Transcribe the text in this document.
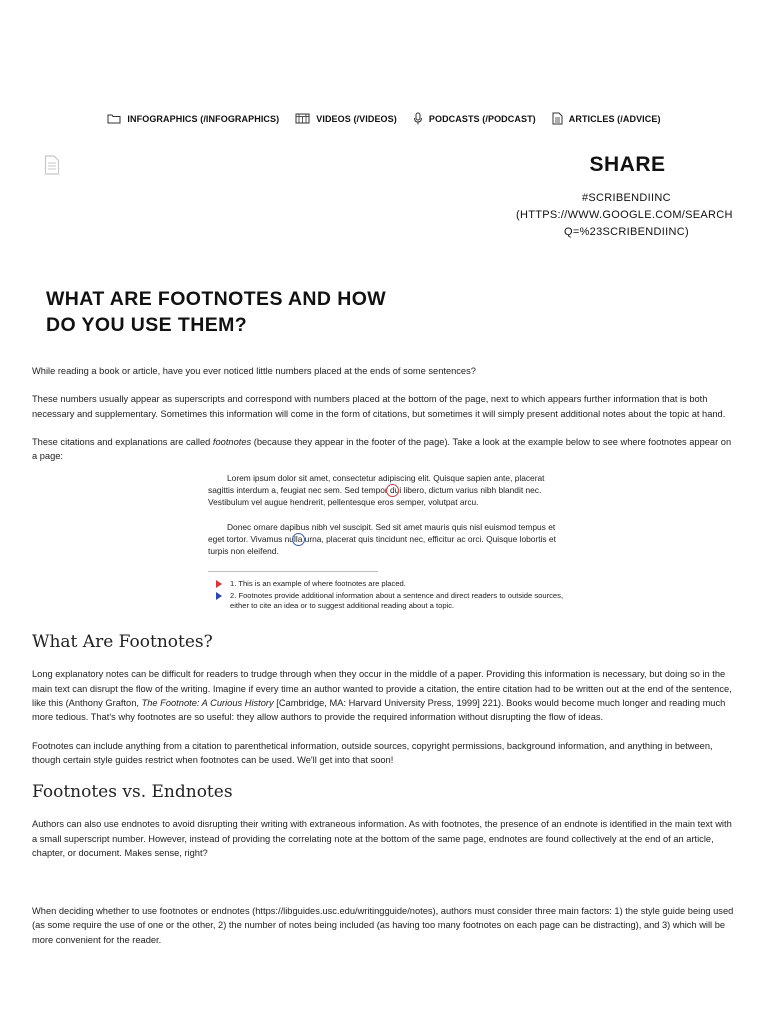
INFOGRAPHICS (/INFOGRAPHICS)	VIDEOS (/VIDEOS)	PODCASTS (/PODCAST)	ARTICLES (/ADVICE)
SHARE
#SCRIBENDIINC
(HTTPS://WWW.GOOGLE.COM/SEARCH
Q=%23SCRIBENDIINC)
WHAT ARE FOOTNOTES AND HOW
DO YOU USE THEM?

While reading a book or article, have you ever noticed little numbers placed at the ends of some sentences?

These numbers usually appear as superscripts and correspond with numbers placed at the bottom of the page, next to which appears further information that is both necessary and supplementary. Sometimes this information will come in the form of citations, but sometimes it will simply present additional notes about the topic at hand.

These citations and explanations are called footnotes (because they appear in the footer of the page). Take a look at the example below to see where footnotes appear on a page:

Lorem ipsum dolor sit amet, consectetur adipiscing elit. Quisque sapien ante, placerat sagittis interdum a, feugiat nec sem. Sed tempor dui libero, dictum varius nibh blandit nec. Vestibulum vel augue hendrerit, pellentesque eros semper, volutpat arcu.
Donec ornare dapibus nibh vel suscipit. Sed sit amet mauris quis nisl euismod tempus et eget tortor. Vivamus nulla urna, placerat quis tincidunt nec, efficitur ac orci. Quisque lobortis et turpis non eleifend.
1. This is an example of where footnotes are placed.
2. Footnotes provide additional information about a sentence and direct readers to outside sources, either to cite an idea or to suggest additional reading about a topic.
What Are Footnotes?

Long explanatory notes can be difficult for readers to trudge through when they occur in the middle of a paper. Providing this information is necessary, but doing so in the main text can disrupt the flow of the writing. Imagine if every time an author wanted to provide a citation, the entire citation had to be written out at the end of the sentence, like this (Anthony Grafton, The Footnote: A Curious History [Cambridge, MA: Harvard University Press, 1999] 221). Books would become much longer and reading much more tedious. That's why footnotes are so useful: they allow authors to provide the required information without disrupting the flow of ideas.

Footnotes can include anything from a citation to parenthetical information, outside sources, copyright permissions, background information, and anything in between, though certain style guides restrict when footnotes can be used. We'll get into that soon!

Footnotes vs. Endnotes

Authors can also use endnotes to avoid disrupting their writing with extraneous information. As with footnotes, the presence of an endnote is identified in the main text with a small superscript number. However, instead of providing the correlating note at the bottom of the same page, endnotes are found collectively at the end of an article, chapter, or document. Makes sense, right?

When deciding whether to use footnotes or endnotes (https://libguides.usc.edu/writingguide/notes), authors must consider three main factors: 1) the style guide being used (as some require the use of one or the other, 2) the number of notes being included (as having too many footnotes on each page can be distracting), and 3) which will be more convenient for the reader.
